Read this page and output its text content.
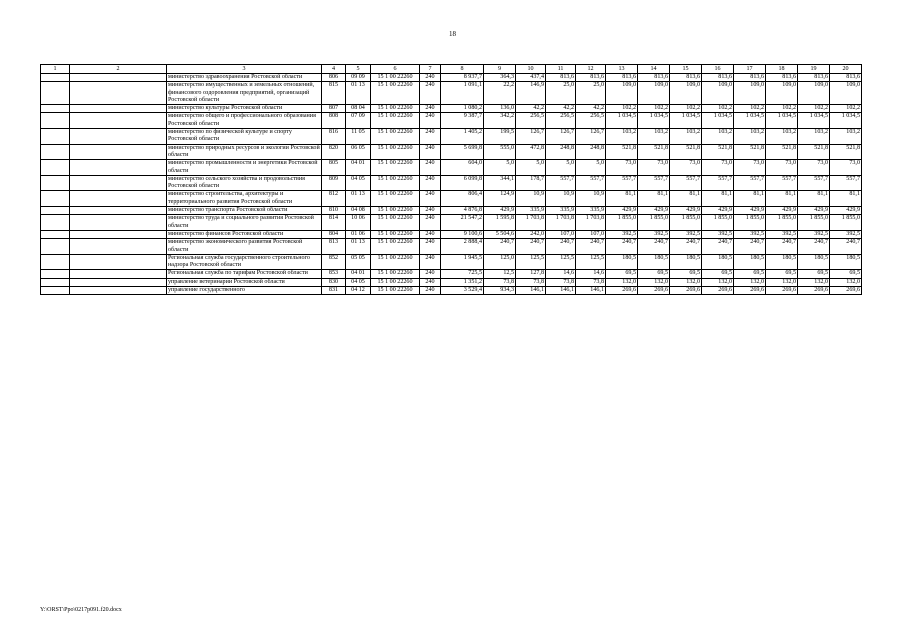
18
1	2	3	4	5	6	7	8	9	10	11	12	13	14	15	16	17	18	19	20
		министерство здравоохранения Ростовской области	806	09 09	15 1 00 22260	240	8 937,7	364,3	437,4	813,6	813,6	813,6	813,6	813,6	813,6	813,6	813,6	813,6	813,6
		министерство имущественных и земельных отношений, финансового оздоровления предприятий, организаций Ростовской области	815	01 13	15 1 00 22260	240	1 091,1	22,2	146,9	25,0	25,0	109,0	109,0	109,0	109,0	109,0	109,0	109,0	109,0
		министерство культуры Ростовской области	807	08 04	15 1 00 22260	240	1 080,2	136,0	42,2	42,2	42,2	102,2	102,2	102,2	102,2	102,2	102,2	102,2	102,2
		министерство общего и профессионального образования Ростовской области	808	07 09	15 1 00 22260	240	9 387,7	342,2	256,5	256,5	256,5	1 034,5	1 034,5	1 034,5	1 034,5	1 034,5	1 034,5	1 034,5	1 034,5
		министерство по физической культуре и спорту Ростовской области	816	11 05	15 1 00 22260	240	1 405,2	199,5	126,7	126,7	126,7	103,2	103,2	103,2	103,2	103,2	103,2	103,2	103,2
		министерство природных ресурсов и экологии Ростовской области	820	06 05	15 1 00 22260	240	5 699,8	555,0	472,8	248,8	248,8	521,8	521,8	521,8	521,8	521,8	521,8	521,8	521,8
		министерство промышленности и энергетики Ростовской области	805	04 01	15 1 00 22260	240	604,0	5,0	5,0	5,0	5,0	73,0	73,0	73,0	73,0	73,0	73,0	73,0	73,0
		министерство сельского хозяйства и продовольствия Ростовской области	809	04 05	15 1 00 22260	240	6 099,8	344,1	178,7	557,7	557,7	557,7	557,7	557,7	557,7	557,7	557,7	557,7	557,7
		министерство строительства, архитектуры и территориального развития Ростовской области	812	01 13	15 1 00 22260	240	806,4	124,9	10,9	10,9	10,9	81,1	81,1	81,1	81,1	81,1	81,1	81,1	81,1
		министерство транспорта Ростовской области	810	04 08	15 1 00 22260	240	4 876,8	429,9	335,9	335,9	335,9	429,9	429,9	429,9	429,9	429,9	429,9	429,9	429,9
		министерство труда и социального развития Ростовской области	814	10 06	15 1 00 22260	240	21 547,2	1 595,8	1 703,8	1 703,8	1 703,8	1 855,0	1 855,0	1 855,0	1 855,0	1 855,0	1 855,0	1 855,0	1 855,0
		министерство финансов Ростовской области	804	01 06	15 1 00 22260	240	9 100,6	5 504,6	242,0	107,0	107,0	392,5	392,5	392,5	392,5	392,5	392,5	392,5	392,5
		министерство экономического развития Ростовской области	813	01 13	15 1 00 22260	240	2 888,4	240,7	240,7	240,7	240,7	240,7	240,7	240,7	240,7	240,7	240,7	240,7	240,7
		Региональная служба государственного строительного надзора Ростовской области	852	05 05	15 1 00 22260	240	1 945,5	125,0	125,5	125,5	125,5	180,5	180,5	180,5	180,5	180,5	180,5	180,5	180,5
		Региональная служба по тарифам Ростовской области	853	04 01	15 1 00 22260	240	725,5	12,5	127,8	14,6	14,6	69,5	69,5	69,5	69,5	69,5	69,5	69,5	69,5
		управление ветеринарии Ростовской области	830	04 05	15 1 00 22260	240	1 351,2	73,8	73,8	73,8	73,8	132,0	132,0	132,0	132,0	132,0	132,0	132,0	132,0
		управление государственного	831	04 12	15 1 00 22260	240	3 529,4	934,3	146,1	146,1	146,1	269,6	269,6	269,6	269,6	269,6	269,6	269,6	269,6
Y:\ORST\Ppo\0217p091.f20.docx
